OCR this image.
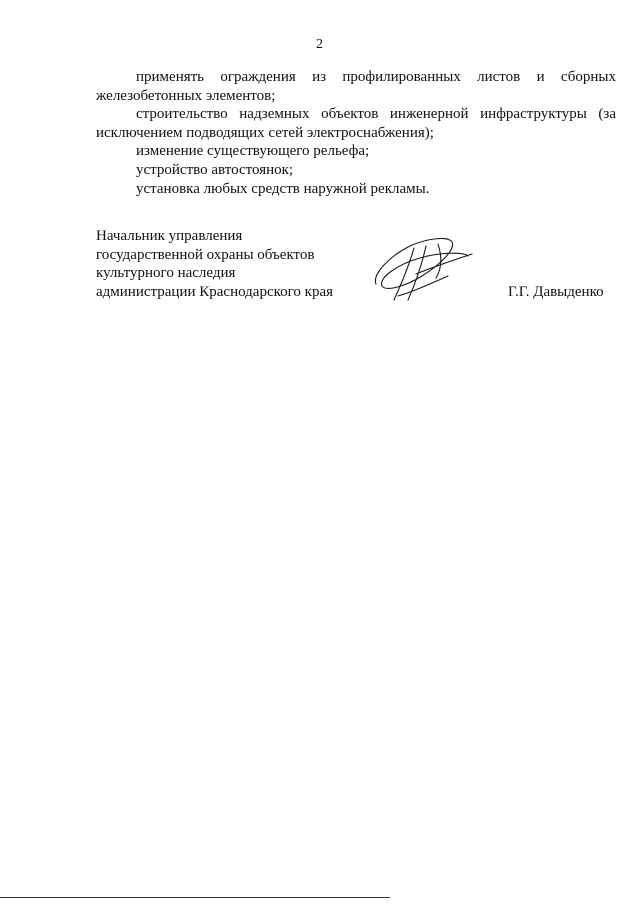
2

применять ограждения из профилированных листов и сборных железобетонных элементов;

строительство надземных объектов инженерной инфраструктуры (за исключением подводящих сетей электроснабжения);

изменение существующего рельефа;

устройство автостоянок;

установка любых средств наружной рекламы.

Начальник управления
государственной охраны объектов
культурного наследия
администрации Краснодарского края	Г.Г. Давыденко
